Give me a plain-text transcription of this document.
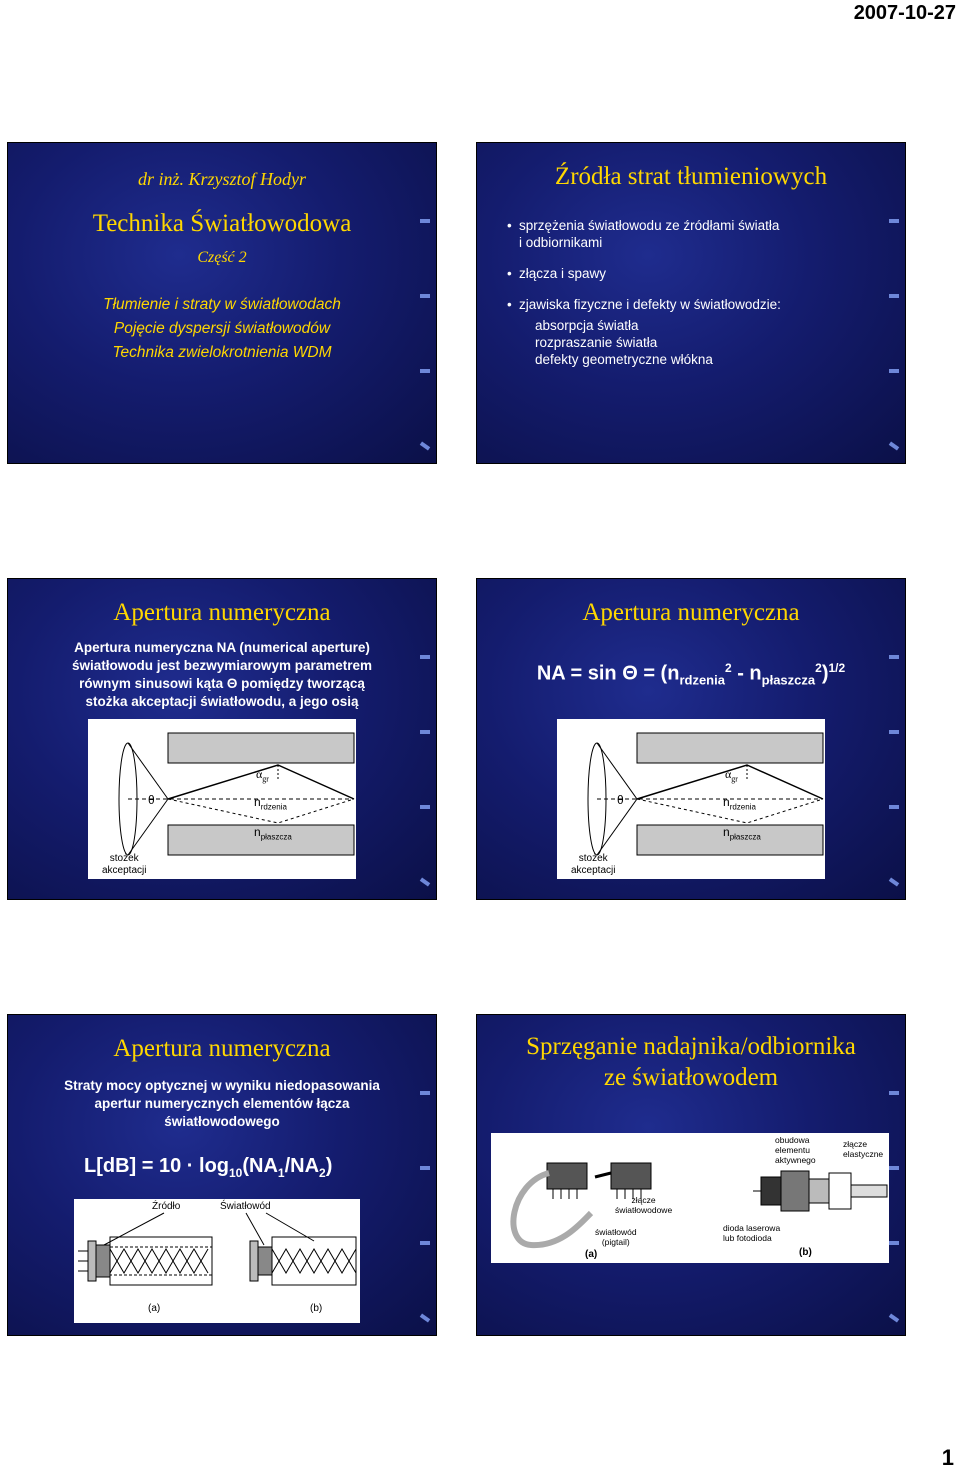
2007-10-27
dr inż. Krzysztof Hodyr
Technika Światłowodowa
Część 2
Tłumienie i straty w światłowodach
Pojęcie dyspersji światłowodów
Technika zwielokrotnienia WDM
Źródła strat tłumieniowych
• sprzężenia światłowodu ze źródłami światła
i odbiornikami
• złącza i spawy
• zjawiska fizyczne i defekty w światłowodzie:
absorpcja światła
rozpraszanie światła
defekty geometryczne włókna
Apertura numeryczna
Apertura numeryczna NA (numerical aperture)
światłowodu jest bezwymiarowym parametrem
równym sinusowi kąta Θ pomiędzy tworzącą
stożka akceptacji światłowodu, a jego osią
$\alpha_{gr}$
θ	$n_{rdzenia}$
$n_{płaszcza}$
stożek
akceptacji
Apertura numeryczna
NA = $\sin \Theta = (n_{rdzenia}^2 - n_{płaszcza}^2)^{1/2}$
$\alpha_{gr}$
θ	$n_{rdzenia}$
$n_{płaszcza}$
stożek
akceptacji
Apertura numeryczna
Straty mocy optycznej w wyniku niedopasowania
apertur numerycznych elementów łącza
światłowodowego
$L[dB] = 10 \cdot \log_{10}(NA_1/NA_2)$
Źródło	Światłowód
(a)	(b)
Sprzęganie nadajnika/odbiornika
ze światłowodem
złącze
światłowodowe
światłowód
(pigtail)
(a)
obudowa
elementu
aktywnego
złącze
elastyczne
dioda laserowa
lub fotodioda
(b)
1
